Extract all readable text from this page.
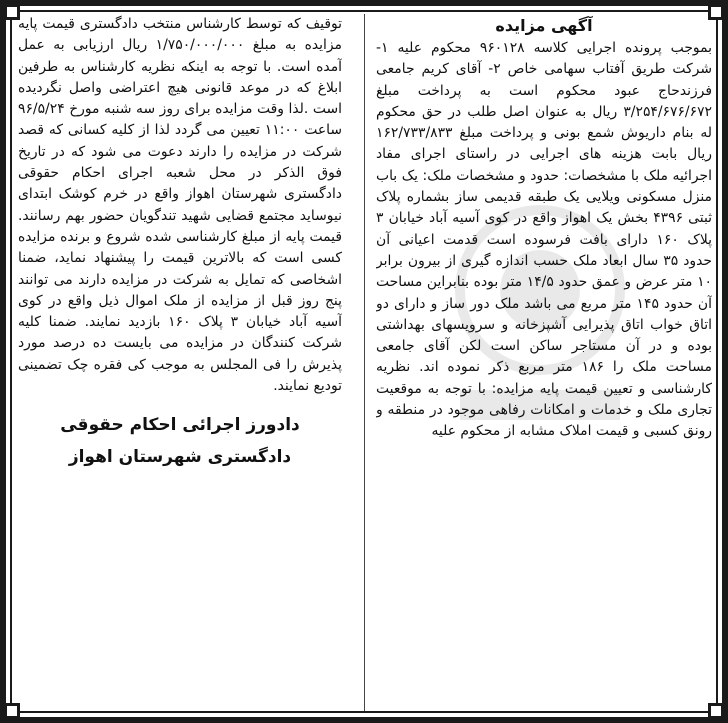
آگهی مزایده

بموجب پرونده اجرایی کلاسه ۹۶۰۱۲۸ محکوم علیه ۱- شرکت طریق آفتاب سهامی خاص ۲- آقای کریم جامعی فرزندحاج عبود محکوم است به پرداخت مبلغ ۳/۲۵۴/۶۷۶/۶۷۲ ریال به عنوان اصل طلب در حق محکوم له بنام داریوش شمع بونی و پرداخت مبلغ ۱۶۲/۷۳۳/۸۳۳ ریال بابت هزینه های اجرایی در راستای اجرای مفاد اجرائیه ملک با مشخصات: حدود و مشخصات ملک: یک باب منزل مسکونی ویلایی یک طبقه قدیمی ساز بشماره پلاک ثبتی ۴۳۹۶ بخش یک اهواز واقع در کوی آسیه آباد خیابان ۳ پلاک ۱۶۰ دارای بافت فرسوده است قدمت اعیانی آن حدود ۳۵ سال ابعاد ملک حسب اندازه گیری از بیرون برابر ۱۰ متر عرض و عمق حدود ۱۴/۵ متر بوده بنابراین مساحت آن حدود ۱۴۵ متر مربع می باشد ملک دور ساز و دارای دو اتاق خواب اتاق پذیرایی آشپزخانه و سرویسهای بهداشتی بوده و در آن مستاجر ساکن است لکن آقای جامعی مساحت ملک را ۱۸۶ متر مربع ذکر نموده اند. نظریه کارشناسی و تعیین قیمت پایه مزایده: با توجه به موقعیت تجاری ملک و خدمات و امکانات رفاهی موجود در منطقه و رونق کسبی و قیمت املاک مشابه از محکوم علیه

توقیف که توسط کارشناس منتخب دادگستری قیمت پایه مزایده به مبلغ ۱/۷۵۰/۰۰۰/۰۰۰ ریال ارزیابی به عمل آمده است. با توجه به اینکه نظریه کارشناس به طرفین ابلاغ که در موعد قانونی هیچ اعتراضی واصل نگردیده است .لذا وقت مزایده برای روز سه شنبه مورخ ۹۶/۵/۲۴ ساعت ۱۱:۰۰ تعیین می گردد لذا از کلیه کسانی که قصد شرکت در مزایده را دارند دعوت می شود که در تاریخ فوق الذکر در محل شعبه اجرای احکام حقوقی دادگستری شهرستان اهواز واقع در خرم کوشک ابتدای نیوساید مجتمع قضایی شهید تندگویان حضور بهم رسانند. قیمت پایه از مبلغ کارشناسی شده شروع و برنده مزایده کسی است که بالاترین قیمت را پیشنهاد نماید، ضمنا اشخاصی که تمایل به شرکت در مزایده دارند می توانند پنج روز قبل از مزایده از ملک اموال ذیل واقع در کوی آسیه آباد خیابان ۳ پلاک ۱۶۰ بازدید نمایند. ضمنا کلیه شرکت کنندگان در مزایده می بایست ده درصد مورد پذیرش را فی المجلس به موجب کی فقره چک تضمینی تودیع نمایند.

دادورز اجرائی احکام حقوقی
دادگستری شهرستان اهواز
